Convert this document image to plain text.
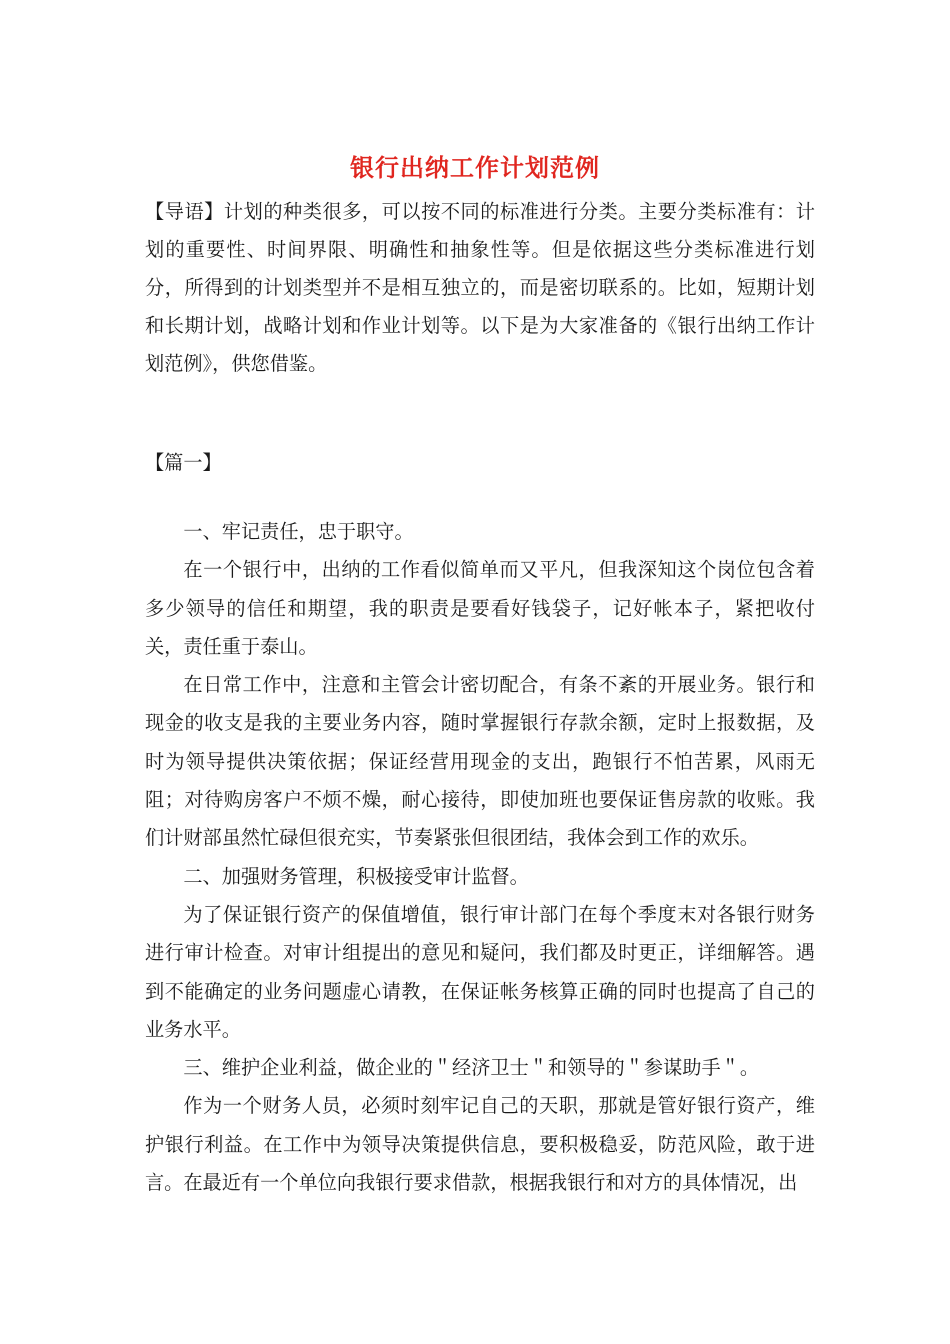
银行出纳工作计划范例

【导语】计划的种类很多，可以按不同的标准进行分类。主要分类标准有：计划的重要性、时间界限、明确性和抽象性等。但是依据这些分类标准进行划分，所得到的计划类型并不是相互独立的，而是密切联系的。比如，短期计划和长期计划，战略计划和作业计划等。以下是为大家准备的《银行出纳工作计划范例》，供您借鉴。

【篇一】

一、牢记责任，忠于职守。

在一个银行中，出纳的工作看似简单而又平凡，但我深知这个岗位包含着多少领导的信任和期望，我的职责是要看好钱袋子，记好帐本子，紧把收付关，责任重于泰山。

在日常工作中，注意和主管会计密切配合，有条不紊的开展业务。银行和现金的收支是我的主要业务内容，随时掌握银行存款余额，定时上报数据，及时为领导提供决策依据；保证经营用现金的支出，跑银行不怕苦累，风雨无阻；对待购房客户不烦不燥，耐心接待，即使加班也要保证售房款的收账。我们计财部虽然忙碌但很充实，节奏紧张但很团结，我体会到工作的欢乐。

二、加强财务管理，积极接受审计监督。

为了保证银行资产的保值增值，银行审计部门在每个季度末对各银行财务进行审计检查。对审计组提出的意见和疑问，我们都及时更正，详细解答。遇到不能确定的业务问题虚心请教，在保证帐务核算正确的同时也提高了自己的业务水平。

三、维护企业利益，做企业的＂经济卫士＂和领导的＂参谋助手＂。

作为一个财务人员，必须时刻牢记自己的天职，那就是管好银行资产，维护银行利益。在工作中为领导决策提供信息，要积极稳妥，防范风险，敢于进言。在最近有一个单位向我银行要求借款，根据我银行和对方的具体情况，出
